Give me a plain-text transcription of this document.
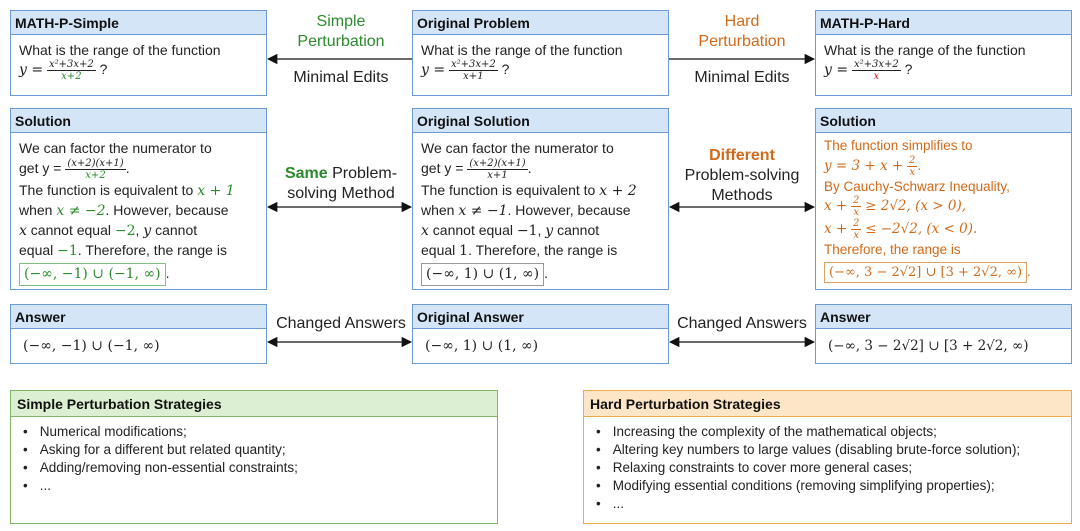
MATH-P-Simple
What is the range of the function
$y = \frac{\text{x²+3x+2}}{x+2}$ ?
Original Problem
What is the range of the function
$y = \frac{\text{x²+3x+2}}{x+1}$ ?
MATH-P-Hard
What is the range of the function
$y = \frac{\text{x²+3x+2}}{x}$ ?
Simple
Perturbation
Minimal Edits
Hard
Perturbation
Minimal Edits
Solution
We can factor the numerator to
get $y = \frac{(x+2)(x+1)}{x+2}$ .
The function is equivalent to x + 1
when x ≠ −2. However, because
x cannot equal −2, y cannot
equal −1. Therefore, the range is
(−∞, −1) ∪ (−1, ∞) .
Original Solution
We can factor the numerator to
get $y = \frac{(x+2)(x+1)}{x+1}$ .
The function is equivalent to x + 2
when x ≠ −1. However, because
x cannot equal −1, y cannot
equal 1. Therefore, the range is
(−∞, 1) ∪ (1, ∞) .
Solution
The function simplifies to
$y = 3 + x + \frac{2}{x}$ .
By Cauchy-Schwarz Inequality,
$x + \frac{2}{x} \ge 2√2$, (x > 0),
$x + \frac{2}{x} \le -2√2$, (x < 0).
Therefore, the range is
(−∞, 3 − 2√2] ∪ [3 + 2√2, ∞) .
Same Problem-
solving Method
Different
Problem-solving
Methods
Answer
(−∞, −1) ∪ (−1, ∞)
Original Answer
(−∞, 1) ∪ (1, ∞)
Answer
(−∞, 3 − 2√2] ∪ [3 + 2√2, ∞)
Changed Answers	Changed Answers
Simple Perturbation Strategies
• Numerical modifications;
• Asking for a different but related quantity;
• Adding/removing non-essential constraints;
• ...
Hard Perturbation Strategies
• Increasing the complexity of the mathematical objects;
• Altering key numbers to large values (disabling brute-force solution);
• Relaxing constraints to cover more general cases;
• Modifying essential conditions (removing simplifying properties);
• ...
